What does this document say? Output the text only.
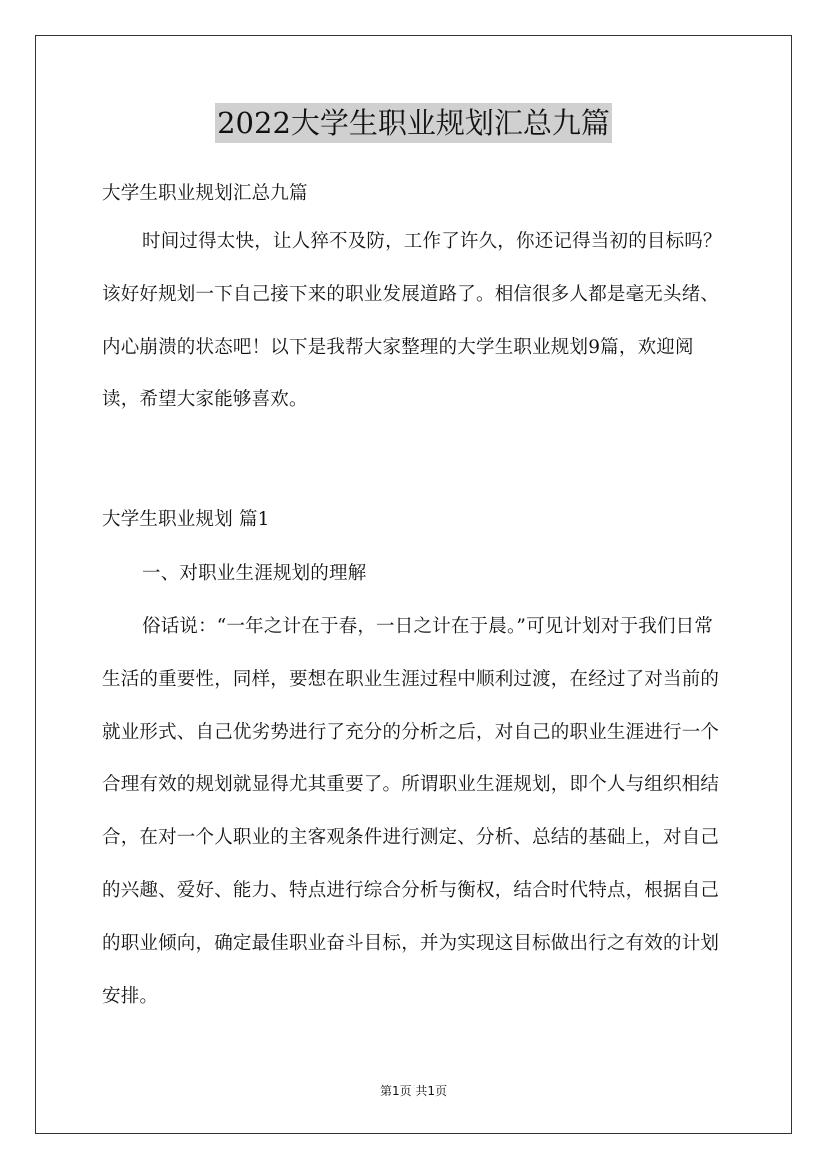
2022大学生职业规划汇总九篇

大学生职业规划汇总九篇

时间过得太快，让人猝不及防，工作了许久，你还记得当初的目标吗？该好好规划一下自己接下来的职业发展道路了。相信很多人都是毫无头绪、内心崩溃的状态吧！以下是我帮大家整理的大学生职业规划9篇，欢迎阅读，希望大家能够喜欢。

大学生职业规划 篇1

一、对职业生涯规划的理解

俗话说：“一年之计在于春，一日之计在于晨。”可见计划对于我们日常生活的重要性，同样，要想在职业生涯过程中顺利过渡，在经过了对当前的就业形式、自己优劣势进行了充分的分析之后，对自己的职业生涯进行一个合理有效的规划就显得尤其重要了。所谓职业生涯规划，即个人与组织相结合，在对一个人职业的主客观条件进行测定、分析、总结的基础上，对自己的兴趣、爱好、能力、特点进行综合分析与衡权，结合时代特点，根据自己的职业倾向，确定最佳职业奋斗目标，并为实现这目标做出行之有效的计划安排。

第1页 共1页
